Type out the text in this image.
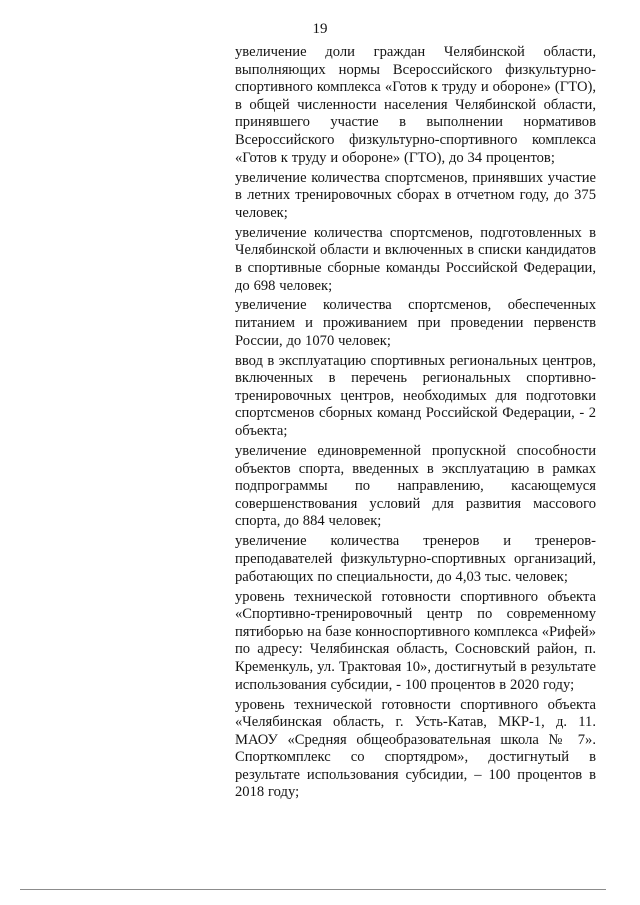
19

увеличение доли граждан Челябинской области, выполняющих нормы Всероссийского физкультурно-спортивного комплекса «Готов к труду и обороне» (ГТО), в общей численности населения Челябинской области, принявшего участие в выполнении нормативов Всероссийского физкультурно-спортивного комплекса «Готов к труду и обороне» (ГТО), до 34 процентов;

увеличение количества спортсменов, принявших участие в летних тренировочных сборах в отчетном году, до 375 человек;

увеличение количества спортсменов, подготовленных в Челябинской области и включенных в списки кандидатов в спортивные сборные команды Российской Федерации, до 698 человек;

увеличение количества спортсменов, обеспеченных питанием и проживанием при проведении первенств России, до 1070 человек;

ввод в эксплуатацию спортивных региональных центров, включенных в перечень региональных спортивно-тренировочных центров, необходимых для подготовки спортсменов сборных команд Российской Федерации, - 2 объекта;

увеличение единовременной пропускной способности объектов спорта, введенных в эксплуатацию в рамках подпрограммы по направлению, касающемуся совершенствования условий для развития массового спорта, до 884 человек;

увеличение количества тренеров и тренеров-преподавателей физкультурно-спортивных организаций, работающих по специальности, до 4,03 тыс. человек;

уровень технической готовности спортивного объекта «Спортивно-тренировочный центр по современному пятиборью на базе конноспортивного комплекса «Рифей» по адресу: Челябинская область, Сосновский район, п. Кременкуль, ул. Трактовая 10», достигнутый в результате использования субсидии, - 100 процентов в 2020 году;

уровень технической готовности спортивного объекта «Челябинская область, г. Усть-Катав, МКР-1, д. 11. МАОУ «Средняя общеобразовательная школа № 7». Спорткомплекс со спортядром», достигнутый в результате использования субсидии, – 100 процентов в 2018 году;
